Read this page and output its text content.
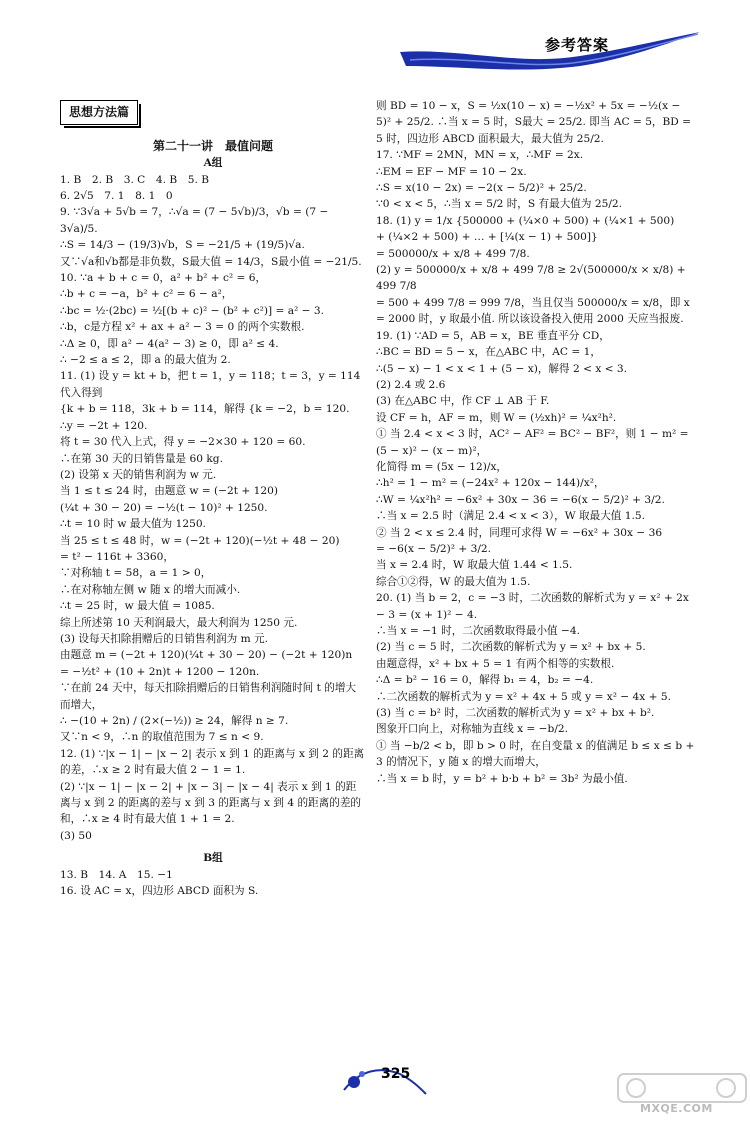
参考答案
思想方法篇

第二十一讲　最值问题

A组

1. B　2. B　3. C　4. B　5. B

6. 2√5　7. 1　8. 1　0

9. ∵3√a + 5√b = 7，∴√a = (7 − 5√b)/3，√b = (7 − 3√a)/5.

∴S = 14/3 − (19/3)√b，S = −21/5 + (19/5)√a.

又∵√a和√b都是非负数，S最大值 = 14/3，S最小值 = −21/5.

10. ∵a + b + c = 0，a² + b² + c² = 6，

∴b + c = −a，b² + c² = 6 − a²，

∴bc = ½·(2bc) = ½[(b + c)² − (b² + c²)] = a² − 3.

∴b，c是方程 x² + ax + a² − 3 = 0 的两个实数根.

∴Δ ≥ 0，即 a² − 4(a² − 3) ≥ 0，即 a² ≤ 4.

∴ −2 ≤ a ≤ 2，即 a 的最大值为 2.

11. (1) 设 y = kt + b，把 t = 1，y = 118；t = 3，y = 114 代入得到

{k + b = 118，3k + b = 114，解得 {k = −2，b = 120.

∴y = −2t + 120.

将 t = 30 代入上式，得 y = −2×30 + 120 = 60.

∴在第 30 天的日销售量是 60 kg.

(2) 设第 x 天的销售利润为 w 元.

当 1 ≤ t ≤ 24 时，由题意 w = (−2t + 120)

(¼t + 30 − 20) = −½(t − 10)² + 1250.

∴t = 10 时 w 最大值为 1250.

当 25 ≤ t ≤ 48 时，w = (−2t + 120)(−½t + 48 − 20)

= t² − 116t + 3360，

∵对称轴 t = 58，a = 1 > 0，

∴在对称轴左侧 w 随 x 的增大而减小.

∴t = 25 时，w 最大值 = 1085.

综上所述第 10 天利润最大，最大利润为 1250 元.

(3) 设每天扣除捐赠后的日销售利润为 m 元.

由题意 m = (−2t + 120)(¼t + 30 − 20) − (−2t + 120)n

= −½t² + (10 + 2n)t + 1200 − 120n.

∵在前 24 天中，每天扣除捐赠后的日销售利润随时间 t 的增大而增大，

∴ −(10 + 2n) / (2×(−½)) ≥ 24，解得 n ≥ 7.

又∵n < 9，∴n 的取值范围为 7 ≤ n < 9.

12. (1) ∵|x − 1| − |x − 2| 表示 x 到 1 的距离与 x 到 2 的距离的差，∴x ≥ 2 时有最大值 2 − 1 = 1.

(2) ∵|x − 1| − |x − 2| + |x − 3| − |x − 4| 表示 x 到 1 的距离与 x 到 2 的距离的差与 x 到 3 的距离与 x 到 4 的距离的差的和，∴x ≥ 4 时有最大值 1 + 1 = 2.

(3) 50

B组

13. B　14. A　15. −1

16. 设 AC = x，四边形 ABCD 面积为 S.

则 BD = 10 − x，S = ½x(10 − x) = −½x² + 5x = −½(x − 5)² + 25/2. ∴当 x = 5 时，S最大 = 25/2. 即当 AC = 5，BD = 5 时，四边形 ABCD 面积最大，最大值为 25/2.

17. ∵MF = 2MN，MN = x，∴MF = 2x.

∴EM = EF − MF = 10 − 2x.

∴S = x(10 − 2x) = −2(x − 5/2)² + 25/2.

∵0 < x < 5，∴当 x = 5/2 时，S 有最大值为 25/2.

18. (1) y = 1/x {500000 + (¼×0 + 500) + (¼×1 + 500)

+ (¼×2 + 500) + … + [¼(x − 1) + 500]}

= 500000/x + x/8 + 499 7/8.

(2) y = 500000/x + x/8 + 499 7/8 ≥ 2√(500000/x × x/8) + 499 7/8

= 500 + 499 7/8 = 999 7/8，当且仅当 500000/x = x/8，即 x = 2000 时，y 取最小值. 所以该设备投入使用 2000 天应当报废.

19. (1) ∵AD = 5，AB = x，BE 垂直平分 CD，

∴BC = BD = 5 − x，在△ABC 中，AC = 1，

∴(5 − x) − 1 < x < 1 + (5 − x)，解得 2 < x < 3.

(2) 2.4 或 2.6

(3) 在△ABC 中，作 CF ⊥ AB 于 F.

设 CF = h，AF = m，则 W = (½xh)² = ¼x²h².

① 当 2.4 < x < 3 时，AC² − AF² = BC² − BF²，则 1 − m² = (5 − x)² − (x − m)²，

化简得 m = (5x − 12)/x，

∴h² = 1 − m² = (−24x² + 120x − 144)/x²，

∴W = ¼x²h² = −6x² + 30x − 36 = −6(x − 5/2)² + 3/2.

∴当 x = 2.5 时（满足 2.4 < x < 3），W 取最大值 1.5.

② 当 2 < x ≤ 2.4 时，同理可求得 W = −6x² + 30x − 36

= −6(x − 5/2)² + 3/2.

当 x = 2.4 时，W 取最大值 1.44 < 1.5.

综合①②得，W 的最大值为 1.5.

20. (1) 当 b = 2，c = −3 时，二次函数的解析式为 y = x² + 2x − 3 = (x + 1)² − 4.

∴当 x = −1 时，二次函数取得最小值 −4.

(2) 当 c = 5 时，二次函数的解析式为 y = x² + bx + 5.

由题意得，x² + bx + 5 = 1 有两个相等的实数根.

∴Δ = b² − 16 = 0，解得 b₁ = 4，b₂ = −4.

∴二次函数的解析式为 y = x² + 4x + 5 或 y = x² − 4x + 5.

(3) 当 c = b² 时，二次函数的解析式为 y = x² + bx + b².

图象开口向上，对称轴为直线 x = −b/2.

① 当 −b/2 < b，即 b > 0 时，在自变量 x 的值满足 b ≤ x ≤ b + 3 的情况下，y 随 x 的增大而增大，

∴当 x = b 时，y = b² + b·b + b² = 3b² 为最小值.

325
MXQE.COM
